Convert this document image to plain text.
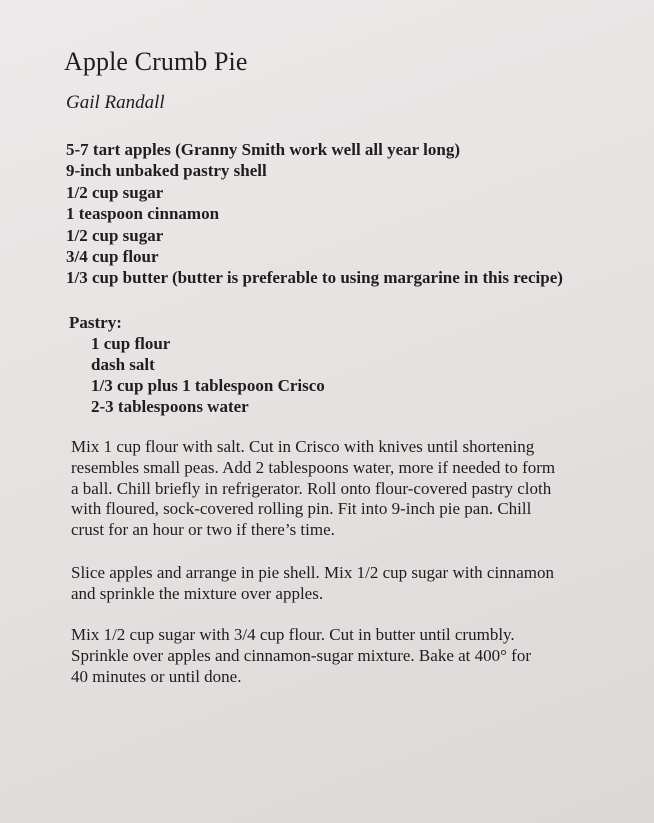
Apple Crumb Pie
Gail Randall
5-7 tart apples (Granny Smith work well all year long)
9-inch unbaked pastry shell
1/2 cup sugar
1 teaspoon cinnamon
1/2 cup sugar
3/4 cup flour
1/3 cup butter (butter is preferable to using margarine in this recipe)
Pastry:
1 cup flour
dash salt
1/3 cup plus 1 tablespoon Crisco
2-3 tablespoons water

Mix 1 cup flour with salt. Cut in Crisco with knives until shortening
resembles small peas. Add 2 tablespoons water, more if needed to form
a ball. Chill briefly in refrigerator. Roll onto flour-covered pastry cloth
with floured, sock-covered rolling pin. Fit into 9-inch pie pan. Chill
crust for an hour or two if there’s time.

Slice apples and arrange in pie shell. Mix 1/2 cup sugar with cinnamon
and sprinkle the mixture over apples.

Mix 1/2 cup sugar with 3/4 cup flour. Cut in butter until crumbly.
Sprinkle over apples and cinnamon-sugar mixture. Bake at 400° for
40 minutes or until done.
